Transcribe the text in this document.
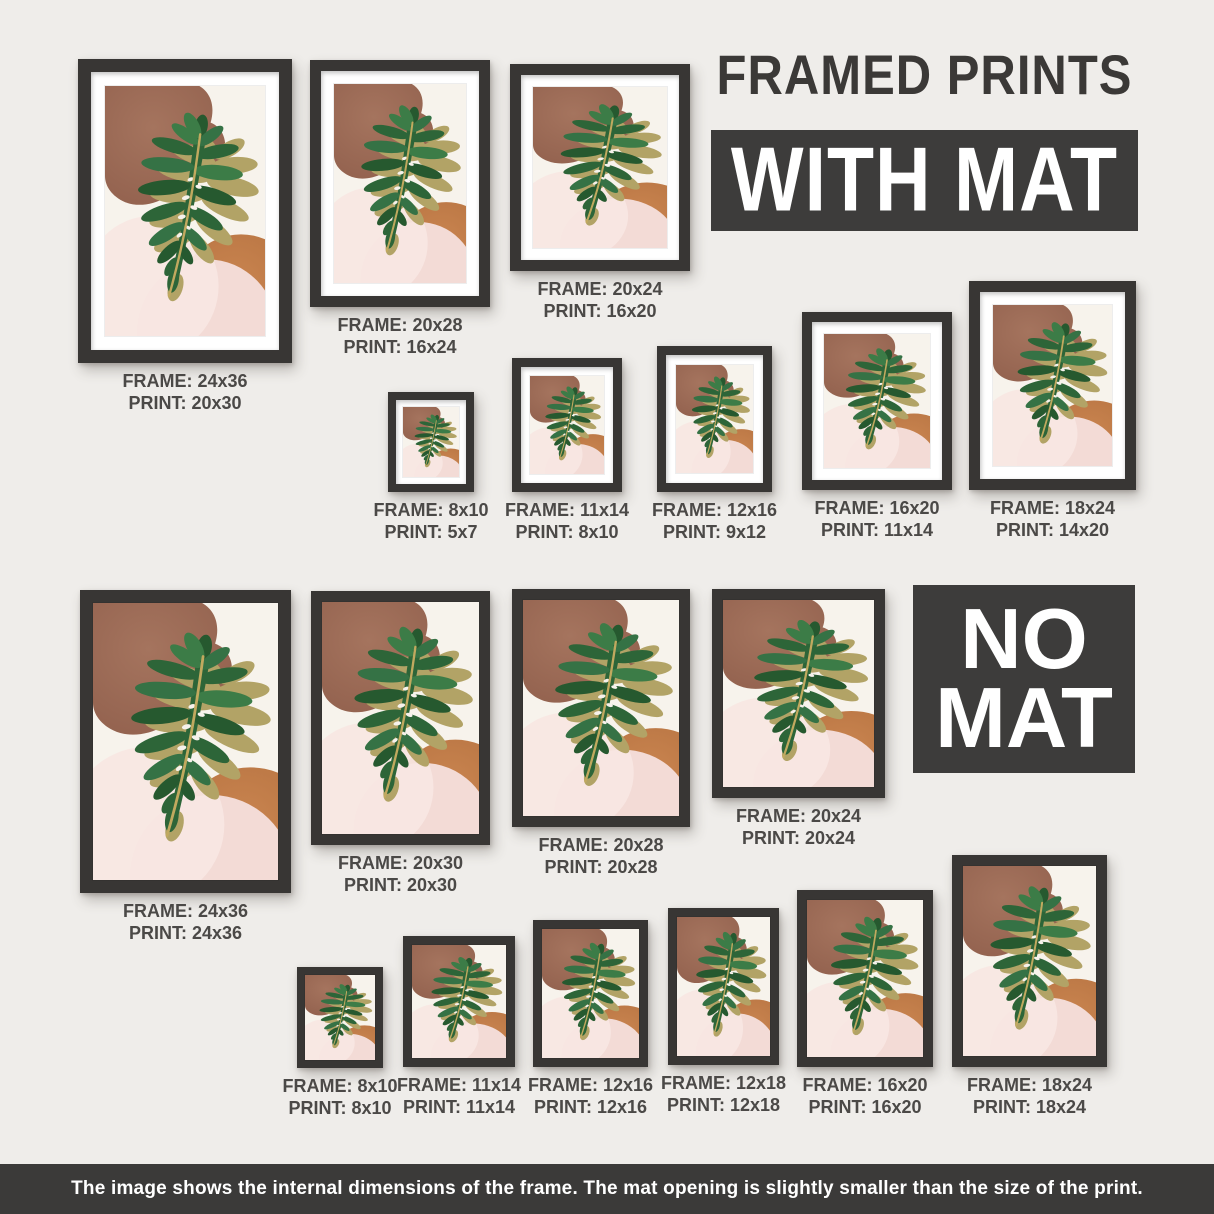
FRAMED PRINTS
WITH MAT
FRAME: 24x36
PRINT: 20x30
FRAME: 20x28
PRINT: 16x24
FRAME: 20x24
PRINT: 16x20
FRAME: 8x10
PRINT: 5x7
FRAME: 11x14
PRINT: 8x10
FRAME: 12x16
PRINT: 9x12
FRAME: 16x20
PRINT: 11x14
FRAME: 18x24
PRINT: 14x20
NO
MAT
FRAME: 24x36
PRINT: 24x36
FRAME: 20x30
PRINT: 20x30
FRAME: 20x28
PRINT: 20x28
FRAME: 20x24
PRINT: 20x24
FRAME: 8x10
PRINT: 8x10
FRAME: 11x14
PRINT: 11x14
FRAME: 12x16
PRINT: 12x16
FRAME: 12x18
PRINT: 12x18
FRAME: 16x20
PRINT: 16x20
FRAME: 18x24
PRINT: 18x24

The image shows the internal dimensions of the frame. The mat opening is slightly smaller than the size of the print.
